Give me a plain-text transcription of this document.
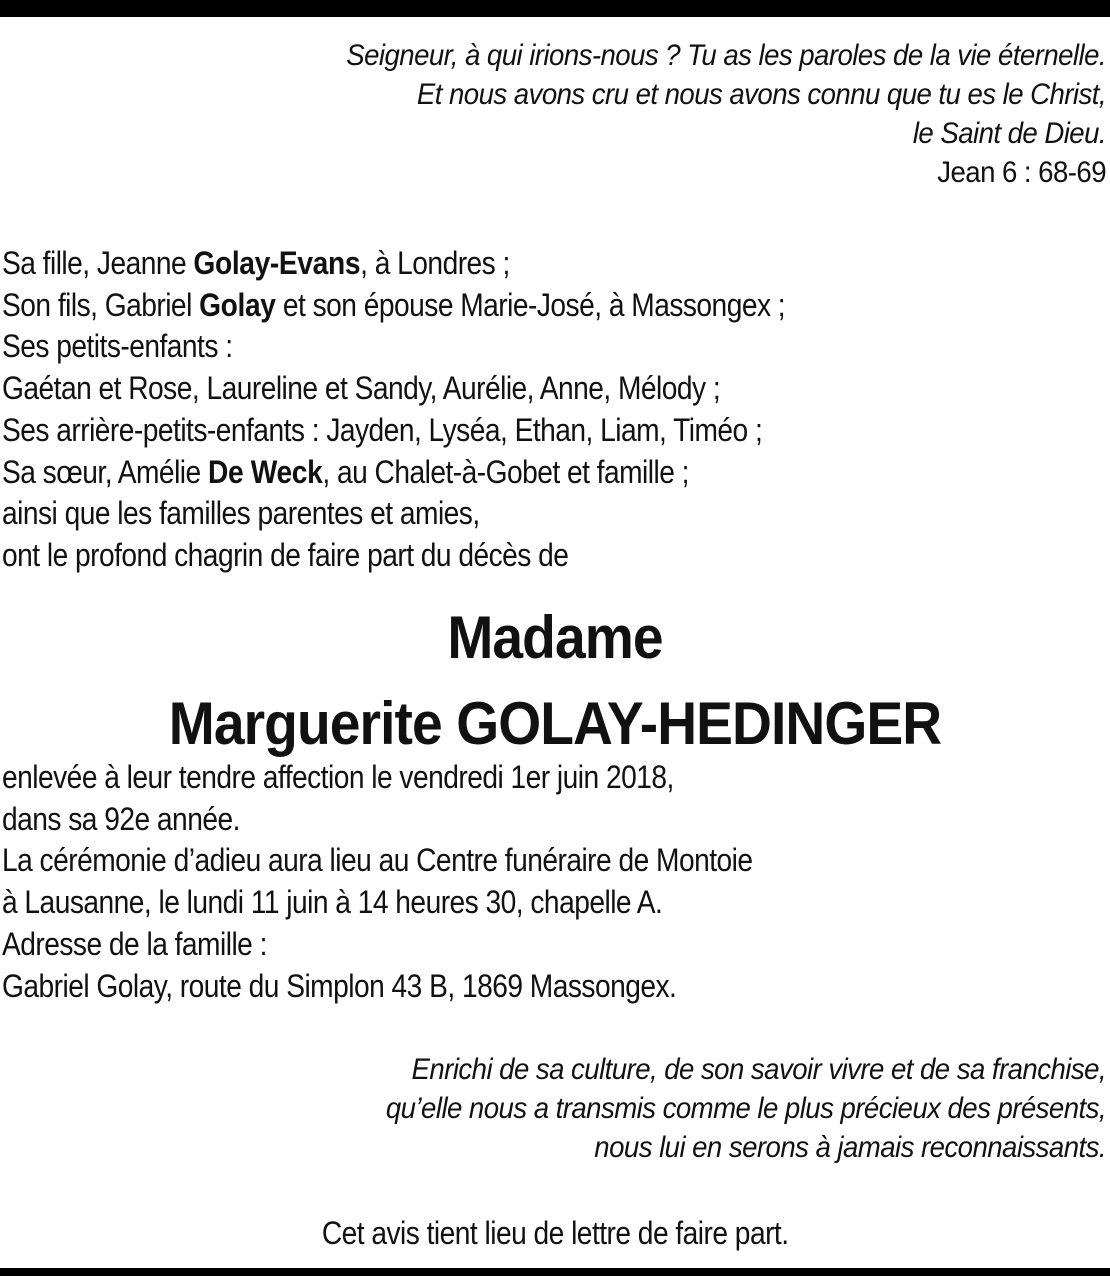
Seigneur, à qui irions-nous ? Tu as les paroles de la vie éternelle.
Et nous avons cru et nous avons connu que tu es le Christ,
le Saint de Dieu.
Jean 6 : 68-69
Sa fille, Jeanne Golay-Evans, à Londres ;
Son fils, Gabriel Golay et son épouse Marie-José, à Massongex ;
Ses petits-enfants :
Gaétan et Rose, Laureline et Sandy, Aurélie, Anne, Mélody ;
Ses arrière-petits-enfants : Jayden, Lyséa, Ethan, Liam, Timéo ;
Sa sœur, Amélie De Weck, au Chalet-à-Gobet et famille ;
ainsi que les familles parentes et amies,
ont le profond chagrin de faire part du décès de
Madame
Marguerite GOLAY-HEDINGER
enlevée à leur tendre affection le vendredi 1er juin 2018,
dans sa 92e année.
La cérémonie d’adieu aura lieu au Centre funéraire de Montoie
à Lausanne, le lundi 11 juin à 14 heures 30, chapelle A.
Adresse de la famille :
Gabriel Golay, route du Simplon 43 B, 1869 Massongex.
Enrichi de sa culture, de son savoir vivre et de sa franchise,
qu’elle nous a transmis comme le plus précieux des présents,
nous lui en serons à jamais reconnaissants.
Cet avis tient lieu de lettre de faire part.
